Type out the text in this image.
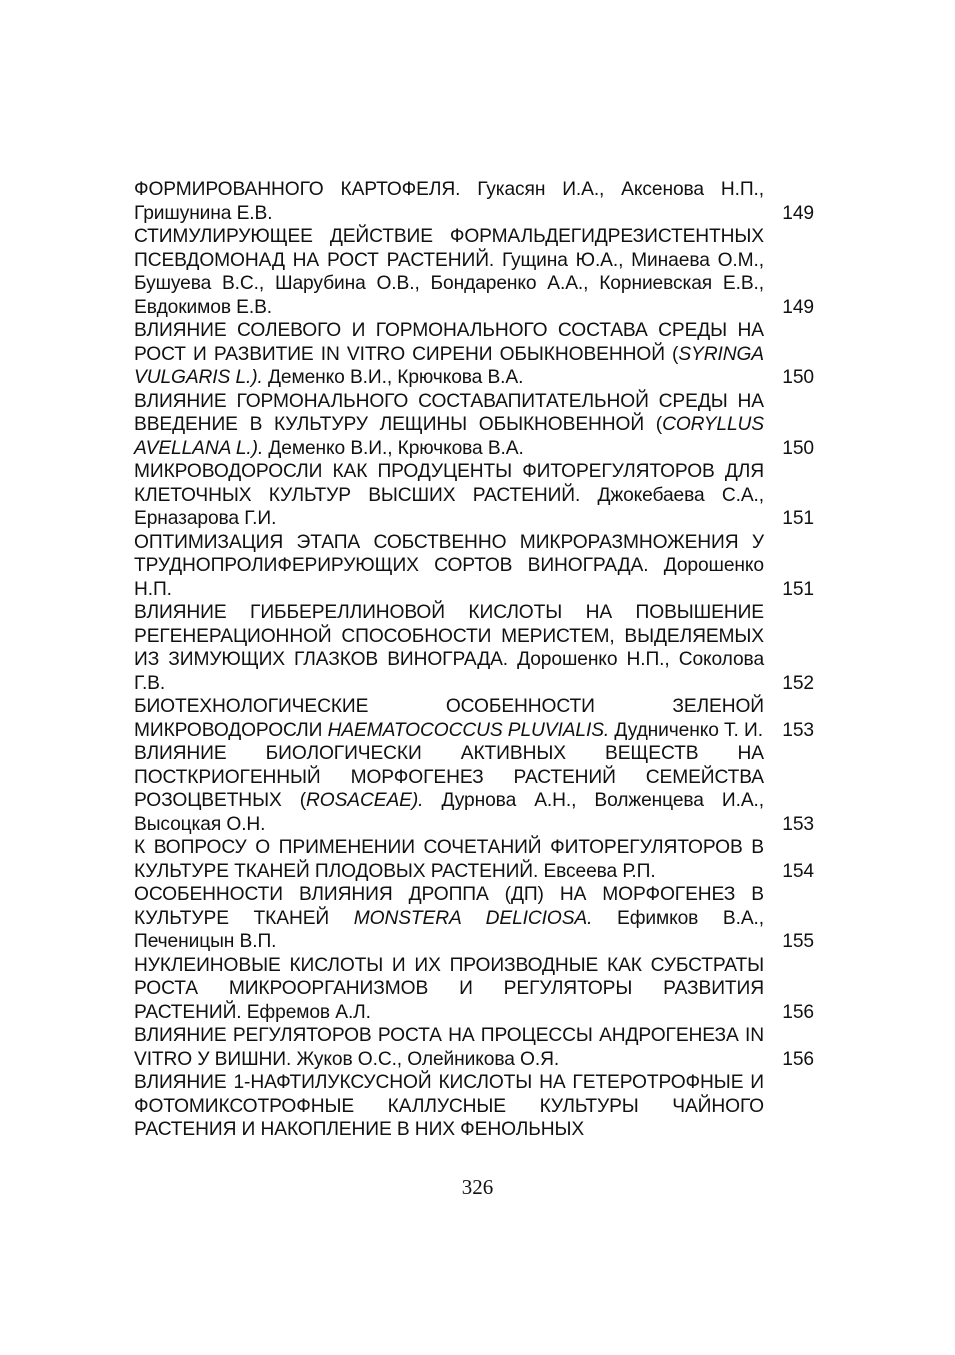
ФОРМИРОВАННОГО КАРТОФЕЛЯ. Гукасян И.А., Аксенова Н.П., Гришунина Е.В.	149
СТИМУЛИРУЮЩЕЕ ДЕЙСТВИЕ ФОРМАЛЬДЕГИДРЕЗИСТЕНТНЫХ ПСЕВДОМОНАД НА РОСТ РАСТЕНИЙ. Гущина Ю.А., Минаева О.М., Бушуева В.С., Шарубина О.В., Бондаренко А.А., Корниевская Е.В., Евдокимов Е.В.	149
ВЛИЯНИЕ СОЛЕВОГО И ГОРМОНАЛЬНОГО СОСТАВА СРЕДЫ НА РОСТ И РАЗВИТИЕ IN VITRO СИРЕНИ ОБЫКНОВЕННОЙ (SYRINGA VULGARIS L.). Деменко В.И., Крючкова В.А.	150
ВЛИЯНИЕ ГОРМОНАЛЬНОГО СОСТАВАПИТАТЕЛЬНОЙ СРЕДЫ НА ВВЕДЕНИЕ В КУЛЬТУРУ ЛЕЩИНЫ ОБЫКНОВЕННОЙ (CORYLLUS AVELLANA L.). Деменко В.И., Крючкова В.А.	150
МИКРОВОДОРОСЛИ КАК ПРОДУЦЕНТЫ ФИТОРЕГУЛЯТОРОВ ДЛЯ КЛЕТОЧНЫХ КУЛЬТУР ВЫСШИХ РАСТЕНИЙ. Джокебаева С.А., Ерназарова Г.И.	151
ОПТИМИЗАЦИЯ ЭТАПА СОБСТВЕННО МИКРОРАЗМНОЖЕНИЯ У ТРУДНОПРОЛИФЕРИРУЮЩИХ СОРТОВ ВИНОГРАДА. Дорошенко Н.П.	151
ВЛИЯНИЕ ГИББЕРЕЛЛИНОВОЙ КИСЛОТЫ НА ПОВЫШЕНИЕ РЕГЕНЕРАЦИОННОЙ СПОСОБНОСТИ МЕРИСТЕМ, ВЫДЕЛЯЕМЫХ ИЗ ЗИМУЮЩИХ ГЛАЗКОВ ВИНОГРАДА. Дорошенко Н.П., Соколова Г.В.	152
БИОТЕХНОЛОГИЧЕСКИЕ ОСОБЕННОСТИ ЗЕЛЕНОЙ МИКРОВОДОРОСЛИ HAEMATOCOCCUS PLUVIALIS. Дудниченко Т. И.	153
ВЛИЯНИЕ БИОЛОГИЧЕСКИ АКТИВНЫХ ВЕЩЕСТВ НА ПОСТКРИОГЕННЫЙ МОРФОГЕНЕЗ РАСТЕНИЙ СЕМЕЙСТВА РОЗОЦВЕТНЫХ (ROSACEAE). Дурнова А.Н., Волженцева И.А., Высоцкая О.Н.	153
К ВОПРОСУ О ПРИМЕНЕНИИ СОЧЕТАНИЙ ФИТОРЕГУЛЯТОРОВ В КУЛЬТУРЕ ТКАНЕЙ ПЛОДОВЫХ РАСТЕНИЙ. Евсеева Р.П.	154
ОСОБЕННОСТИ ВЛИЯНИЯ ДРОППА (ДП) НА МОРФОГЕНЕЗ В КУЛЬТУРЕ ТКАНЕЙ MONSTERA DELICIOSA. Ефимков В.А., Печеницын В.П.	155
НУКЛЕИНОВЫЕ КИСЛОТЫ И ИХ ПРОИЗВОДНЫЕ КАК СУБСТРАТЫ РОСТА МИКРООРГАНИЗМОВ И РЕГУЛЯТОРЫ РАЗВИТИЯ РАСТЕНИЙ. Ефремов А.Л.	156
ВЛИЯНИЕ РЕГУЛЯТОРОВ РОСТА НА ПРОЦЕССЫ АНДРОГЕНЕЗА IN VITRO У ВИШНИ. Жуков О.С., Олейникова О.Я.	156
ВЛИЯНИЕ 1-НАФТИЛУКСУСНОЙ КИСЛОТЫ НА ГЕТЕРОТРОФНЫЕ И ФОТОМИКСОТРОФНЫЕ КАЛЛУСНЫЕ КУЛЬТУРЫ ЧАЙНОГО РАСТЕНИЯ И НАКОПЛЕНИЕ В НИХ ФЕНОЛЬНЫХ
326
